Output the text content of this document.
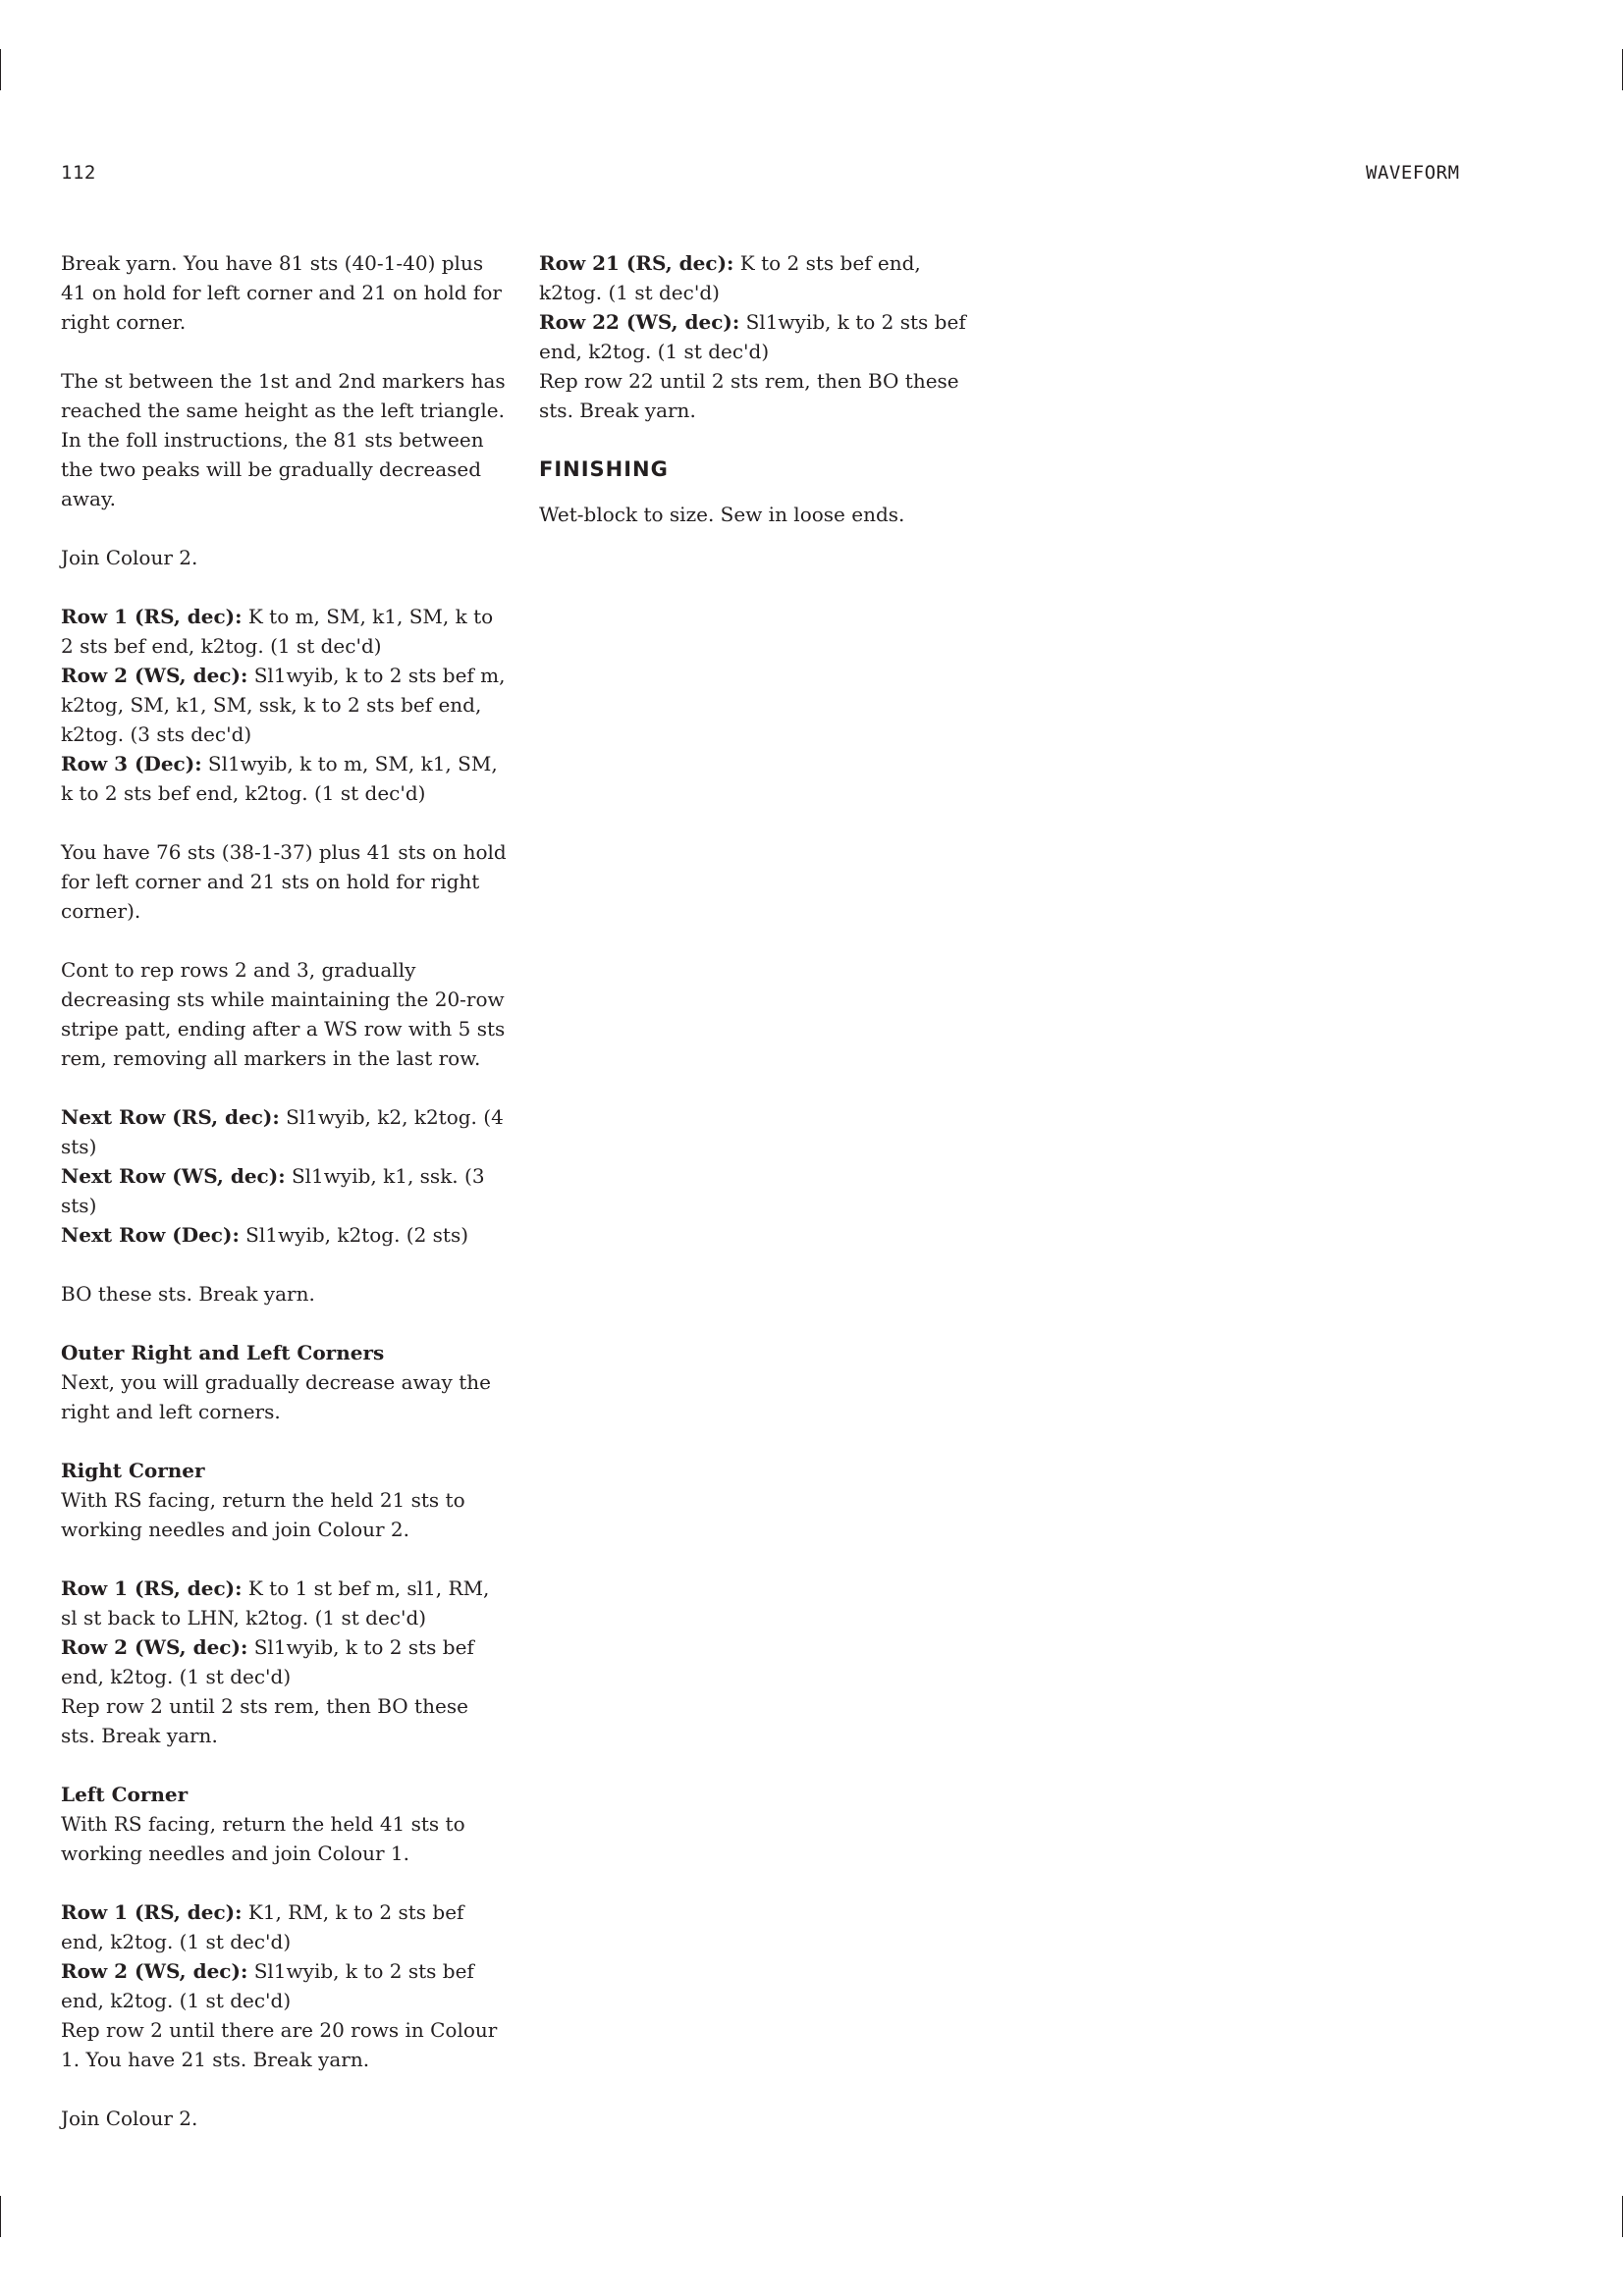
112	WAVEFORM

Break yarn. You have 81 sts (40-1-40) plus 41 on hold for left corner and 21 on hold for right corner.

The st between the 1st and 2nd markers has reached the same height as the left triangle. In the foll instructions, the 81 sts between the two peaks will be gradually decreased away.

Join Colour 2.

Row 1 (RS, dec): K to m, SM, k1, SM, k to 2 sts bef end, k2tog. (1 st dec'd)
Row 2 (WS, dec): Sl1wyib, k to 2 sts bef m, k2tog, SM, k1, SM, ssk, k to 2 sts bef end, k2tog. (3 sts dec'd)
Row 3 (Dec): Sl1wyib, k to m, SM, k1, SM, k to 2 sts bef end, k2tog. (1 st dec'd)

You have 76 sts (38-1-37) plus 41 sts on hold for left corner and 21 sts on hold for right corner).

Cont to rep rows 2 and 3, gradually decreasing sts while maintaining the 20-row stripe patt, ending after a WS row with 5 sts rem, removing all markers in the last row.

Next Row (RS, dec): Sl1wyib, k2, k2tog. (4 sts)
Next Row (WS, dec): Sl1wyib, k1, ssk. (3 sts)
Next Row (Dec): Sl1wyib, k2tog. (2 sts)

BO these sts. Break yarn.

Outer Right and Left Corners
Next, you will gradually decrease away the right and left corners.

Right Corner
With RS facing, return the held 21 sts to working needles and join Colour 2.

Row 1 (RS, dec): K to 1 st bef m, sl1, RM, sl st back to LHN, k2tog. (1 st dec'd)
Row 2 (WS, dec): Sl1wyib, k to 2 sts bef end, k2tog. (1 st dec'd)
Rep row 2 until 2 sts rem, then BO these sts. Break yarn.

Left Corner
With RS facing, return the held 41 sts to working needles and join Colour 1.

Row 1 (RS, dec): K1, RM, k to 2 sts bef end, k2tog. (1 st dec'd)
Row 2 (WS, dec): Sl1wyib, k to 2 sts bef end, k2tog. (1 st dec'd)
Rep row 2 until there are 20 rows in Colour 1. You have 21 sts. Break yarn.

Join Colour 2.

Row 21 (RS, dec): K to 2 sts bef end, k2tog. (1 st dec'd)
Row 22 (WS, dec): Sl1wyib, k to 2 sts bef end, k2tog. (1 st dec'd)
Rep row 22 until 2 sts rem, then BO these sts. Break yarn.

FINISHING

Wet-block to size. Sew in loose ends.
